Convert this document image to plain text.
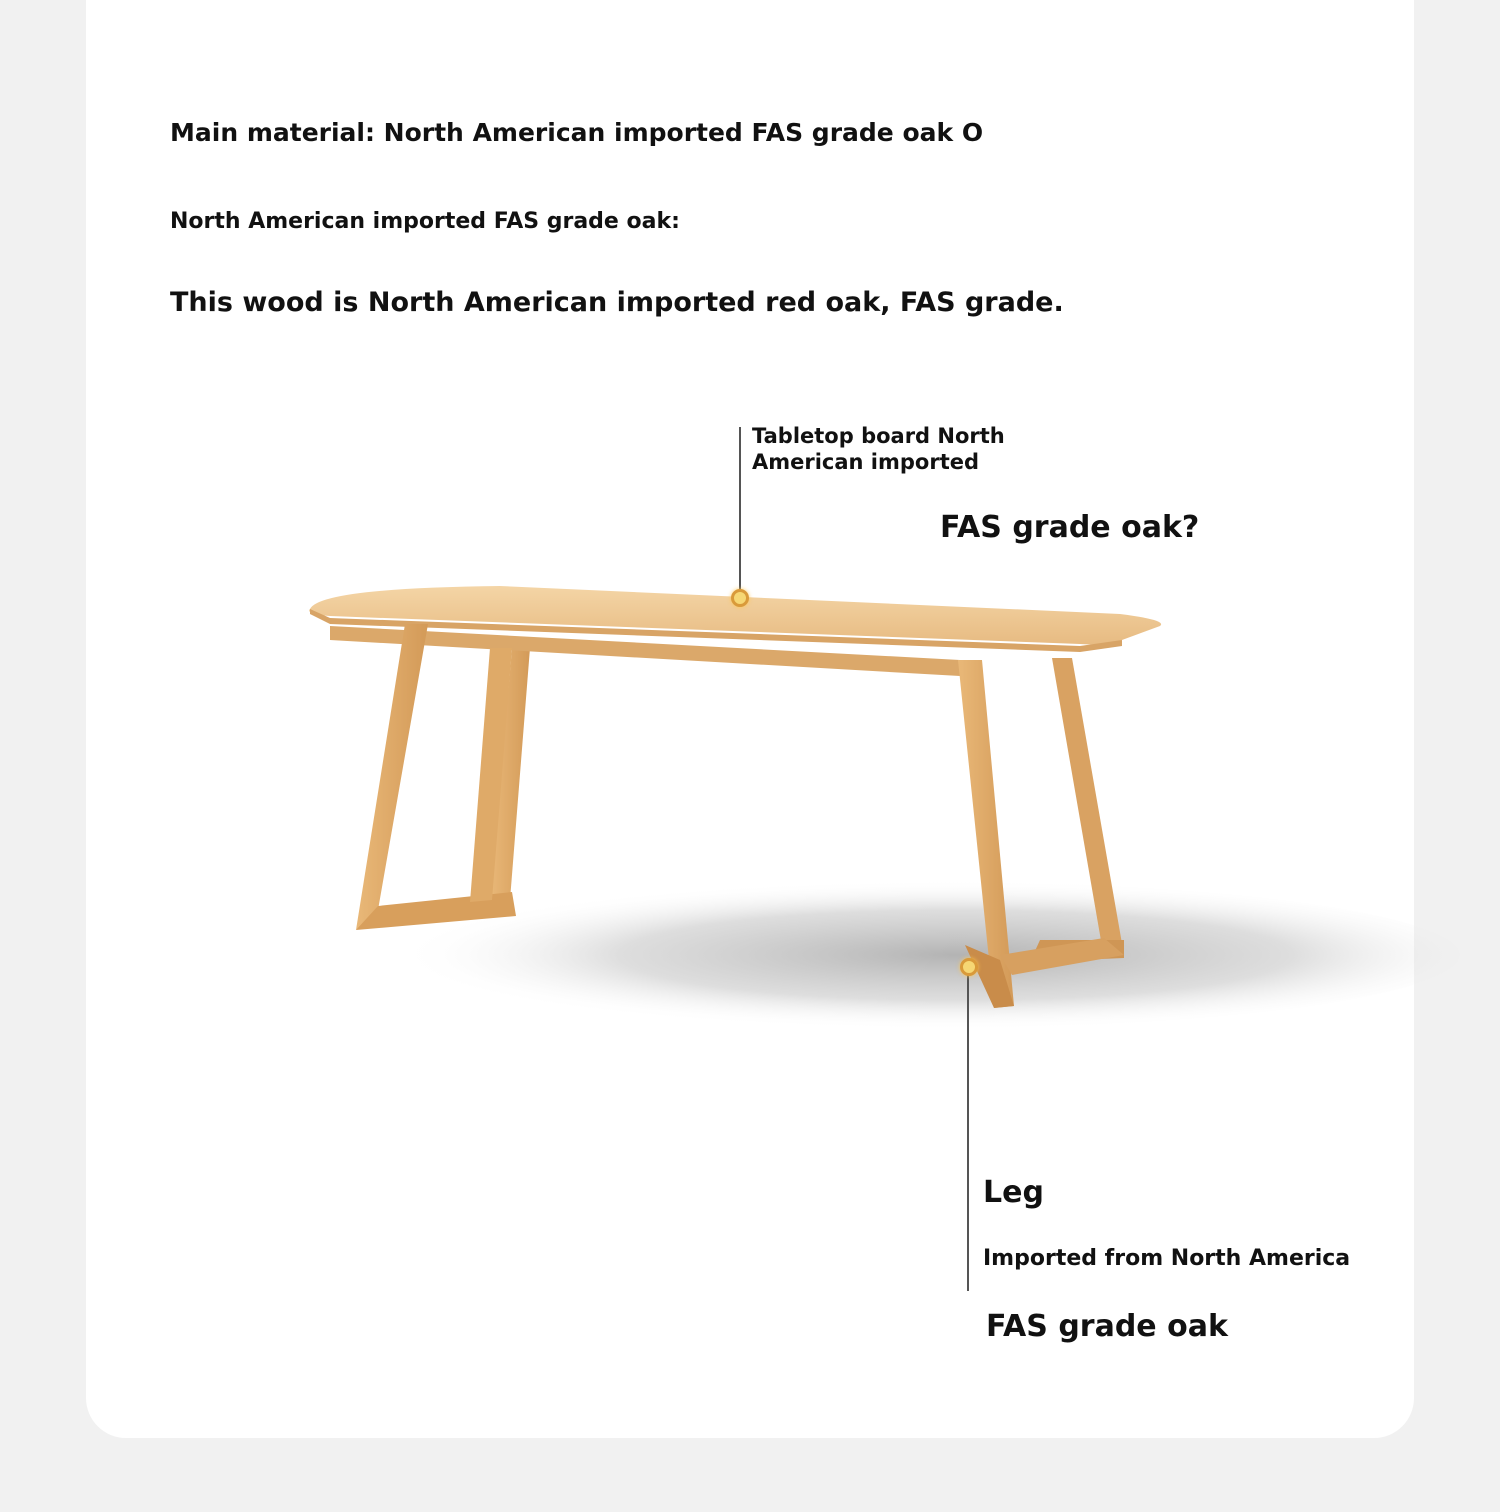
Main material: North American imported FAS grade oak O

North American imported FAS grade oak:

This wood is North American imported red oak, FAS grade.

Tabletop board North
American imported

FAS grade oak?

Leg

Imported from North America

FAS grade oak
